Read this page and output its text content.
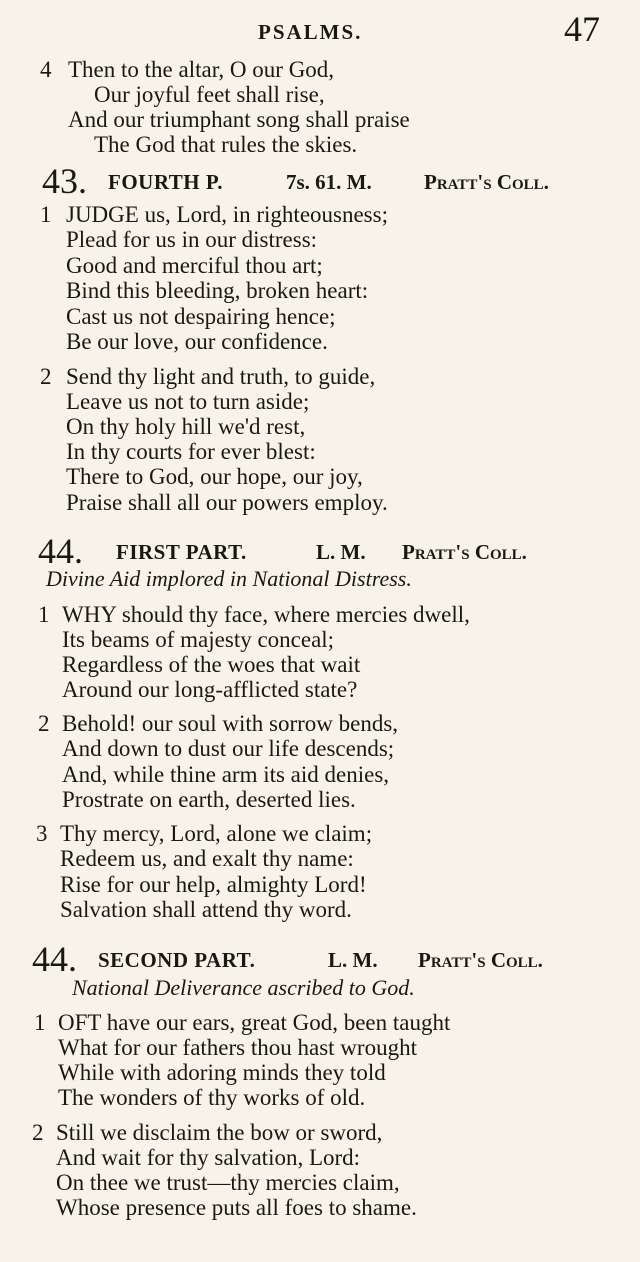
PSALMS.	47
4 Then to the altar, O our God,
Our joyful feet shall rise,
And our triumphant song shall praise
The God that rules the skies.
43. FOURTH P.	7s. 61. M. Pratt's Coll.
1 JUDGE us, Lord, in righteousness;
Plead for us in our distress:
Good and merciful thou art;
Bind this bleeding, broken heart:
Cast us not despairing hence;
Be our love, our confidence.
2 Send thy light and truth, to guide,
Leave us not to turn aside;
On thy holy hill we'd rest,
In thy courts for ever blest:
There to God, our hope, our joy,
Praise shall all our powers employ.
44. FIRST PART.	L. M. Pratt's Coll.
Divine Aid implored in National Distress.
1 WHY should thy face, where mercies dwell,
Its beams of majesty conceal;
Regardless of the woes that wait
Around our long-afflicted state?
2 Behold! our soul with sorrow bends,
And down to dust our life descends;
And, while thine arm its aid denies,
Prostrate on earth, deserted lies.
3 Thy mercy, Lord, alone we claim;
Redeem us, and exalt thy name:
Rise for our help, almighty Lord!
Salvation shall attend thy word.
44. SECOND PART.	L. M. Pratt's Coll.
National Deliverance ascribed to God.
1 OFT have our ears, great God, been taught
What for our fathers thou hast wrought
While with adoring minds they told
The wonders of thy works of old.
2 Still we disclaim the bow or sword,
And wait for thy salvation, Lord:
On thee we trust—thy mercies claim,
Whose presence puts all foes to shame.
